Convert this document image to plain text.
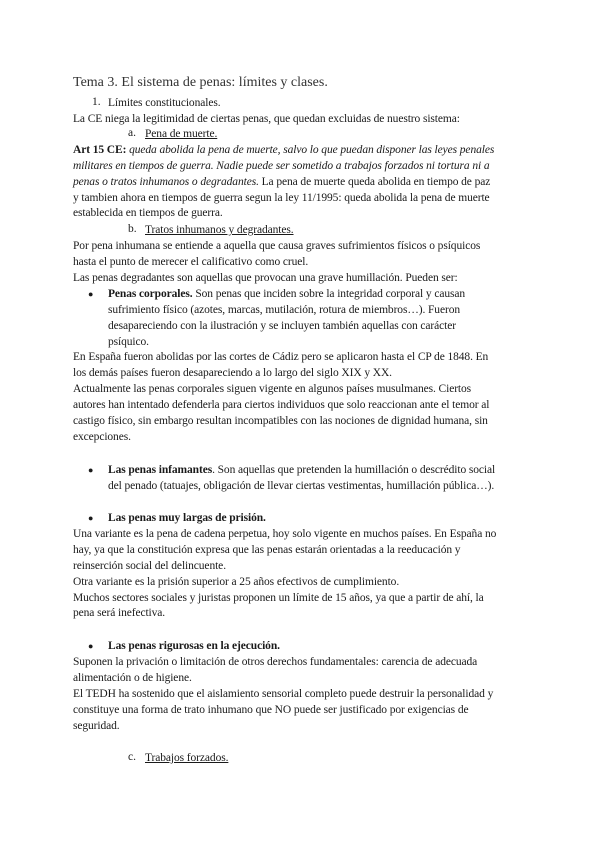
Tema 3. El sistema de penas: límites y clases.
1. Límites constitucionales.
La CE niega la legitimidad de ciertas penas, que quedan excluidas de nuestro sistema:
a. Pena de muerte.
Art 15 CE: queda abolida la pena de muerte, salvo lo que puedan disponer las leyes penales
militares en tiempos de guerra. Nadie puede ser sometido a trabajos forzados ni tortura ni a
penas o tratos inhumanos o degradantes. La pena de muerte queda abolida en tiempo de paz
y tambien ahora en tiempos de guerra segun la ley 11/1995: queda abolida la pena de muerte
establecida en tiempos de guerra.
b. Tratos inhumanos y degradantes.
Por pena inhumana se entiende a aquella que causa graves sufrimientos físicos o psíquicos
hasta el punto de merecer el calificativo como cruel.
Las penas degradantes son aquellas que provocan una grave humillación. Pueden ser:
● Penas corporales. Son penas que inciden sobre la integridad corporal y causan
sufrimiento físico (azotes, marcas, mutilación, rotura de miembros…). Fueron
desapareciendo con la ilustración y se incluyen también aquellas con carácter
psíquico.
En España fueron abolidas por las cortes de Cádiz pero se aplicaron hasta el CP de 1848. En
los demás países fueron desapareciendo a lo largo del siglo XIX y XX.
Actualmente las penas corporales siguen vigente en algunos países musulmanes. Ciertos
autores han intentado defenderla para ciertos individuos que solo reaccionan ante el temor al
castigo físico, sin embargo resultan incompatibles con las nociones de dignidad humana, sin
excepciones.
● Las penas infamantes. Son aquellas que pretenden la humillación o descrédito social
del penado (tatuajes, obligación de llevar ciertas vestimentas, humillación pública…).
● Las penas muy largas de prisión.
Una variante es la pena de cadena perpetua, hoy solo vigente en muchos países. En España no
hay, ya que la constitución expresa que las penas estarán orientadas a la reeducación y
reinserción social del delincuente.
Otra variante es la prisión superior a 25 años efectivos de cumplimiento.
Muchos sectores sociales y juristas proponen un límite de 15 años, ya que a partir de ahí, la
pena será inefectiva.
● Las penas rigurosas en la ejecución.
Suponen la privación o limitación de otros derechos fundamentales: carencia de adecuada
alimentación o de higiene.
El TEDH ha sostenido que el aislamiento sensorial completo puede destruir la personalidad y
constituye una forma de trato inhumano que NO puede ser justificado por exigencias de
seguridad.
c. Trabajos forzados.
